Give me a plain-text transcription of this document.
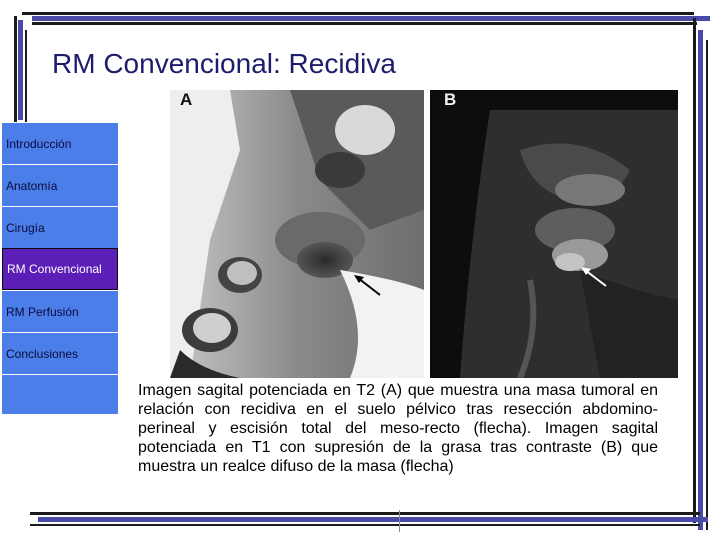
RM Convencional: Recidiva
Introducción
Anatomía
Cirugía
RM Convencional
RM Perfusión
Conclusiones
A	B
Imagen sagital potenciada en T2 (A) que muestra una masa tumoral en relación con recidiva en el suelo pélvico tras resección abdomino-perineal y escisión total del meso-recto (flecha). Imagen sagital potenciada en T1 con supresión de la grasa tras contraste (B) que muestra un realce difuso de la masa (flecha)
